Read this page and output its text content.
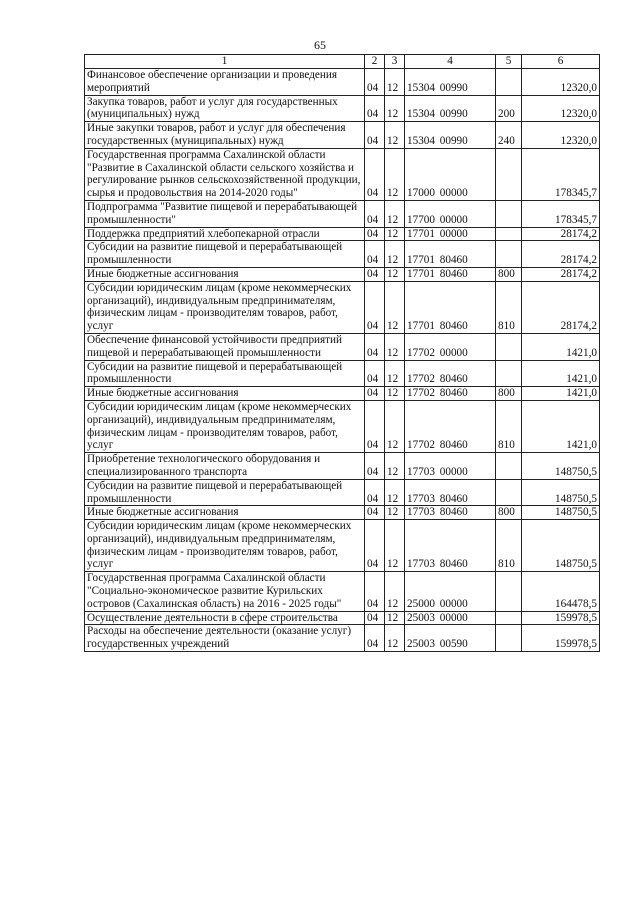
65
1	2	3	4	5	6
Финансовое обеспечение организации и проведения мероприятий	04	12	15304 00990		12320,0
Закупка товаров, работ и услуг для государственных (муниципальных) нужд	04	12	15304 00990	200	12320,0
Иные закупки товаров, работ и услуг для обеспечения государственных (муниципальных) нужд	04	12	15304 00990	240	12320,0
Государственная программа Сахалинской области "Развитие в Сахалинской области сельского хозяйства и регулирование рынков сельскохозяйственной продукции, сырья и продовольствия на 2014-2020 годы"	04	12	17000 00000		178345,7
Подпрограмма "Развитие пищевой и перерабатывающей промышленности"	04	12	17700 00000		178345,7
Поддержка предприятий хлебопекарной отрасли	04	12	17701 00000		28174,2
Субсидии на развитие пищевой и перерабатывающей промышленности	04	12	17701 80460		28174,2
Иные бюджетные ассигнования	04	12	17701 80460	800	28174,2
Субсидии юридическим лицам (кроме некоммерческих организаций), индивидуальным предпринимателям, физическим лицам - производителям товаров, работ, услуг	04	12	17701 80460	810	28174,2
Обеспечение финансовой устойчивости предприятий пищевой и перерабатывающей промышленности	04	12	17702 00000		1421,0
Субсидии на развитие пищевой и перерабатывающей промышленности	04	12	17702 80460		1421,0
Иные бюджетные ассигнования	04	12	17702 80460	800	1421,0
Субсидии юридическим лицам (кроме некоммерческих организаций), индивидуальным предпринимателям, физическим лицам - производителям товаров, работ, услуг	04	12	17702 80460	810	1421,0
Приобретение технологического оборудования и специализированного транспорта	04	12	17703 00000		148750,5
Субсидии на развитие пищевой и перерабатывающей промышленности	04	12	17703 80460		148750,5
Иные бюджетные ассигнования	04	12	17703 80460	800	148750,5
Субсидии юридическим лицам (кроме некоммерческих организаций), индивидуальным предпринимателям, физическим лицам - производителям товаров, работ, услуг	04	12	17703 80460	810	148750,5
Государственная программа Сахалинской области "Социально-экономическое развитие Курильских островов (Сахалинская область) на 2016 - 2025 годы"	04	12	25000 00000		164478,5
Осуществление деятельности в сфере строительства	04	12	25003 00000		159978,5
Расходы на обеспечение деятельности (оказание услуг) государственных учреждений	04	12	25003 00590		159978,5
